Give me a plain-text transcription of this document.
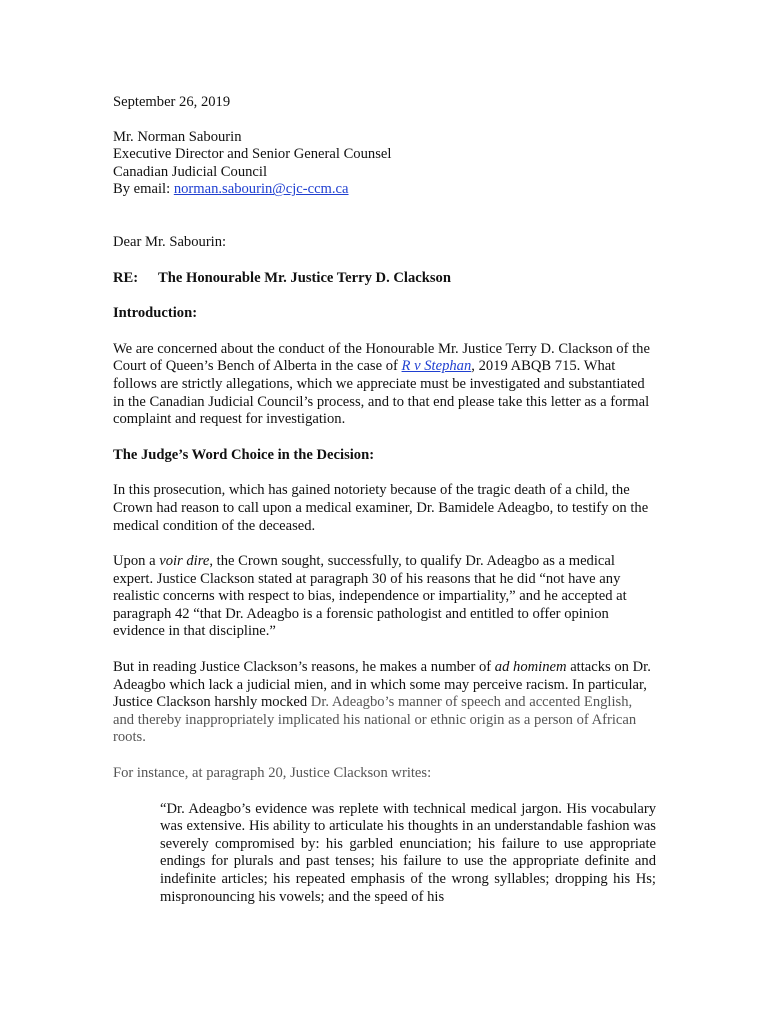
September 26, 2019

Mr. Norman Sabourin

Executive Director and Senior General Counsel

Canadian Judicial Council

By email: norman.sabourin@cjc-ccm.ca

Dear Mr. Sabourin:

RE: The Honourable Mr. Justice Terry D. Clackson

Introduction:

We are concerned about the conduct of the Honourable Mr. Justice Terry D. Clackson of the Court of Queen’s Bench of Alberta in the case of R v Stephan, 2019 ABQB 715. What follows are strictly allegations, which we appreciate must be investigated and substantiated in the Canadian Judicial Council’s process, and to that end please take this letter as a formal complaint and request for investigation.

The Judge’s Word Choice in the Decision:

In this prosecution, which has gained notoriety because of the tragic death of a child, the Crown had reason to call upon a medical examiner, Dr. Bamidele Adeagbo, to testify on the medical condition of the deceased.

Upon a voir dire, the Crown sought, successfully, to qualify Dr. Adeagbo as a medical expert. Justice Clackson stated at paragraph 30 of his reasons that he did “not have any realistic concerns with respect to bias, independence or impartiality,” and he accepted at paragraph 42 “that Dr. Adeagbo is a forensic pathologist and entitled to offer opinion evidence in that discipline.”

But in reading Justice Clackson’s reasons, he makes a number of ad hominem attacks on Dr. Adeagbo which lack a judicial mien, and in which some may perceive racism. In particular, Justice Clackson harshly mocked Dr. Adeagbo’s manner of speech and accented English, and thereby inappropriately implicated his national or ethnic origin as a person of African roots.

For instance, at paragraph 20, Justice Clackson writes:

“Dr. Adeagbo’s evidence was replete with technical medical jargon. His vocabulary was extensive. His ability to articulate his thoughts in an understandable fashion was severely compromised by: his garbled enunciation; his failure to use appropriate endings for plurals and past tenses; his failure to use the appropriate definite and indefinite articles; his repeated emphasis of the wrong syllables; dropping his Hs; mispronouncing his vowels; and the speed of his
